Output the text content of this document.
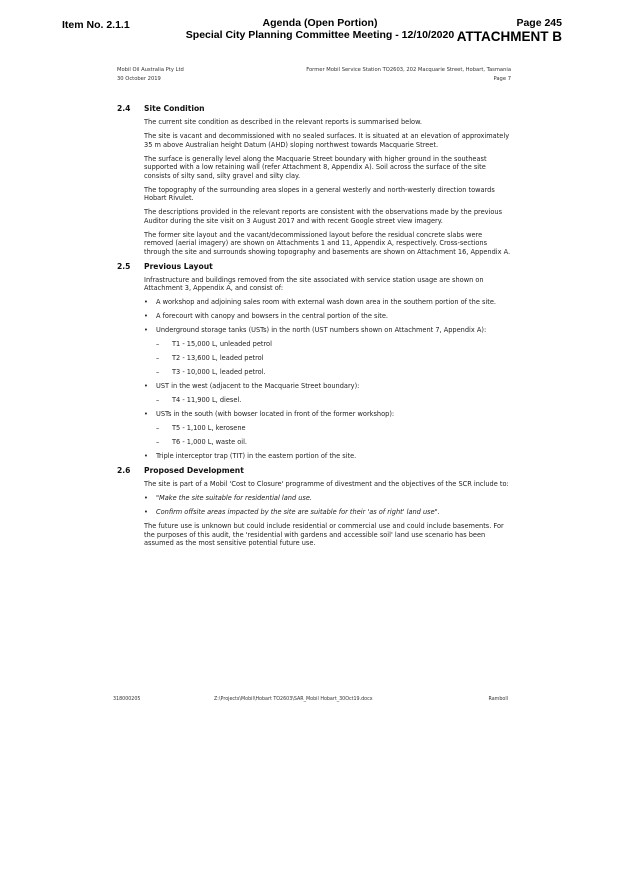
Item No. 2.1.1	Agenda (Open Portion)
Special City Planning Committee Meeting - 12/10/2020
Page 245
ATTACHMENT B
Mobil Oil Australia Pty Ltd
30 October 2019
Former Mobil Service Station TO2603, 202 Macquarie Street, Hobart, Tasmania
Page 7
2.4	Site Condition

The current site condition as described in the relevant reports is summarised below.

The site is vacant and decommissioned with no sealed surfaces. It is situated at an elevation of approximately 35 m above Australian height Datum (AHD) sloping northwest towards Macquarie Street.

The surface is generally level along the Macquarie Street boundary with higher ground in the southeast supported with a low retaining wall (refer Attachment 8, Appendix A). Soil across the surface of the site consists of silty sand, silty gravel and silty clay.

The topography of the surrounding area slopes in a general westerly and north-westerly direction towards Hobart Rivulet.

The descriptions provided in the relevant reports are consistent with the observations made by the previous Auditor during the site visit on 3 August 2017 and with recent Google street view imagery.

The former site layout and the vacant/decommissioned layout before the residual concrete slabs were removed (aerial imagery) are shown on Attachments 1 and 11, Appendix A, respectively. Cross-sections through the site and surrounds showing topography and basements are shown on Attachment 16, Appendix A.

2.5	Previous Layout

Infrastructure and buildings removed from the site associated with service station usage are shown on Attachment 3, Appendix A, and consist of:

•	A workshop and adjoining sales room with external wash down area in the southern portion of the site.
•	A forecourt with canopy and bowsers in the central portion of the site.
•	Underground storage tanks (USTs) in the north (UST numbers shown on Attachment 7, Appendix A):
–	T1 - 15,000 L, unleaded petrol
–	T2 - 13,600 L, leaded petrol
–	T3 - 10,000 L, leaded petrol.
•	UST in the west (adjacent to the Macquarie Street boundary):
–	T4 - 11,900 L, diesel.
•	USTs in the south (with bowser located in front of the former workshop):
–	T5 - 1,100 L, kerosene
–	T6 - 1,000 L, waste oil.
•	Triple interceptor trap (TIT) in the eastern portion of the site.
2.6	Proposed Development

The site is part of a Mobil 'Cost to Closure' programme of divestment and the objectives of the SCR include to:

•	"Make the site suitable for residential land use.
•	Confirm offsite areas impacted by the site are suitable for their 'as of right' land use".

The future use is unknown but could include residential or commercial use and could include basements. For the purposes of this audit, the 'residential with gardens and accessible soil' land use scenario has been assumed as the most sensitive potential future use.

318000205	Z:\Projects\Mobil\Hobart TO2603\SAR_Mobil Hobart_30Oct19.docx	Ramboll
